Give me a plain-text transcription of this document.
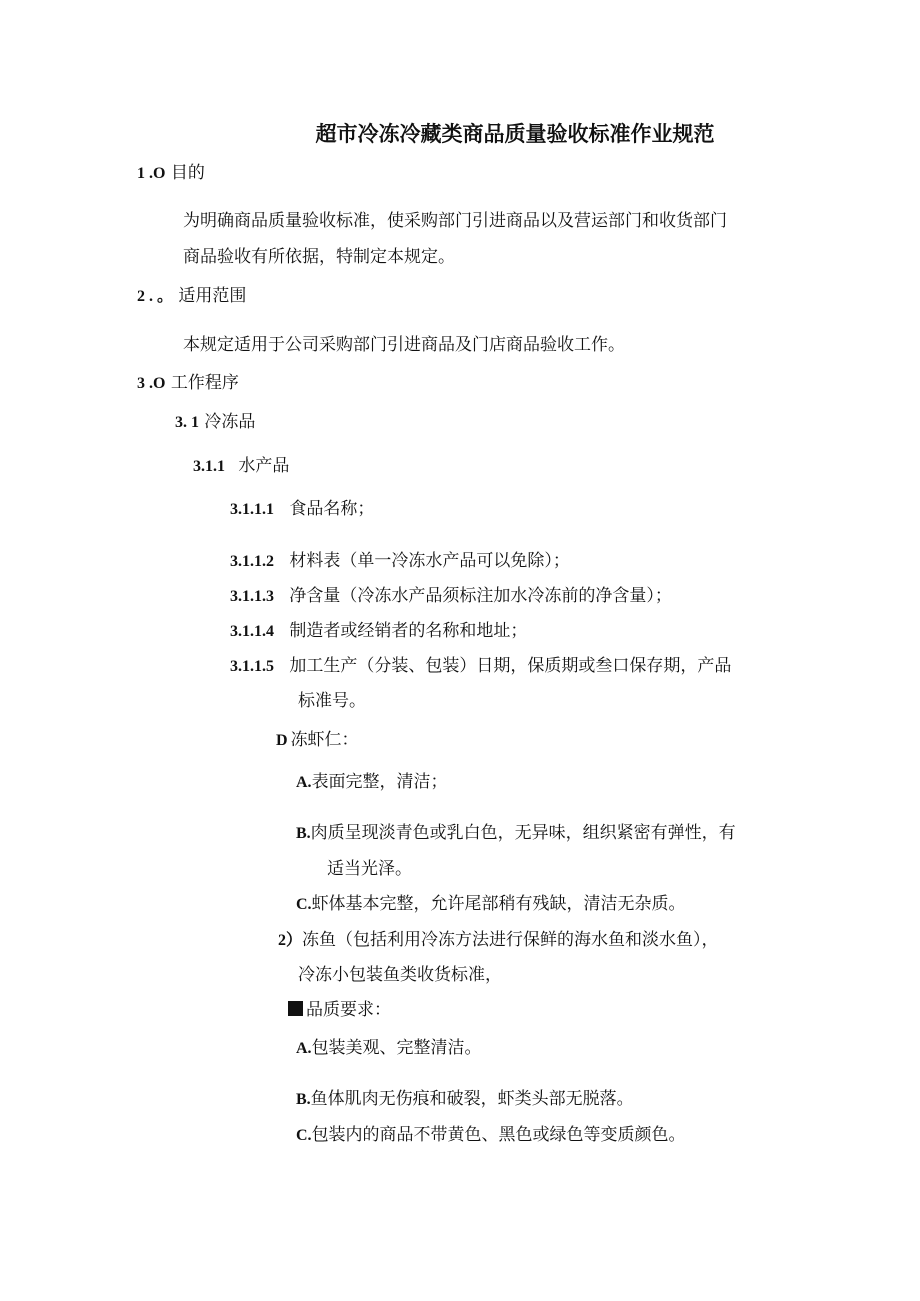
超市冷冻冷藏类商品质量验收标准作业规范
1 .O 目的
为明确商品质量验收标准，使采购部门引进商品以及营运部门和收货部门
商品验收有所依据，特制定本规定。
2 . 。 适用范围
本规定适用于公司采购部门引进商品及门店商品验收工作。
3 .O 工作程序
3. 1 冷冻品
3.1.1 水产品
3.1.1.1 食品名称；
3.1.1.2 材料表（单一冷冻水产品可以免除）；
3.1.1.3 净含量（冷冻水产品须标注加水冷冻前的净含量）；
3.1.1.4 制造者或经销者的名称和地址；
3.1.1.5 加工生产（分装、包装）日期，保质期或叁口保存期，产品
标准号。
D 冻虾仁：
A.表面完整，清洁；
B.肉质呈现淡青色或乳白色，无异味，组织紧密有弹性，有
适当光泽。
C.虾体基本完整，允许尾部稍有残缺，清洁无杂质。
2）冻鱼（包括利用冷冻方法进行保鲜的海水鱼和淡水鱼），
冷冻小包装鱼类收货标准，
品质要求：
A.包装美观、完整清洁。
B.鱼体肌肉无伤痕和破裂，虾类头部无脱落。
C.包装内的商品不带黄色、黑色或绿色等变质颜色。
